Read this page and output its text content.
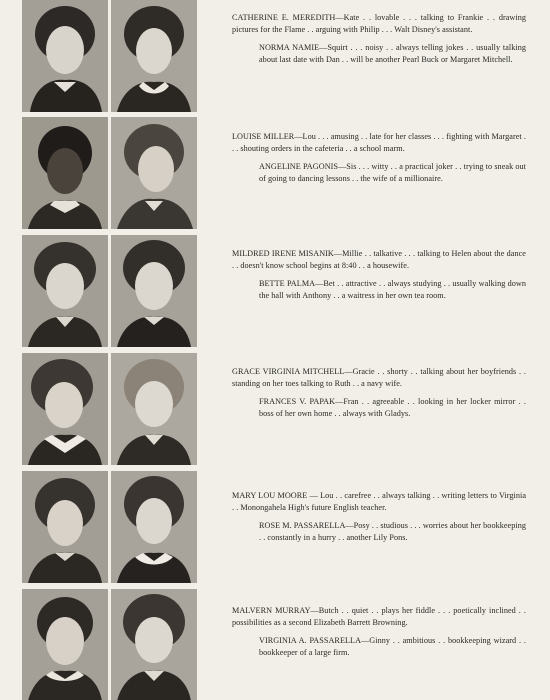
CATHERINE E. MEREDITH—Kate . . lovable . . . talking to Frankie . . drawing pictures for the Flame . . arguing with Philip . . . Walt Disney's assistant.

NORMA NAMIE—Squirt . . . noisy . . always telling jokes . . usually talking about last date with Dan . . will be another Pearl Buck or Margaret Mitchell.

LOUISE MILLER—Lou . . . amusing . . late for her classes . . . fighting with Margaret . . . shouting orders in the cafeteria . . a school marm.

ANGELINE PAGONIS—Sis . . . witty . . a practical joker . . trying to sneak out of going to dancing lessons . . the wife of a millionaire.

MILDRED IRENE MISANIK—Millie . . talkative . . . talking to Helen about the dance . . doesn't know school begins at 8:40 . . a housewife.

BETTE PALMA—Bet . . attractive . . always studying . . usually walking down the hall with Anthony . . a waitress in her own tea room.

GRACE VIRGINIA MITCHELL—Gracie . . shorty . . talking about her boyfriends . . standing on her toes talking to Ruth . . a navy wife.

FRANCES V. PAPAK—Fran . . agreeable . . looking in her locker mirror . . boss of her own home . . always with Gladys.

MARY LOU MOORE — Lou . . carefree . . always talking . . writing letters to Virginia . . Monongahela High's future English teacher.

ROSE M. PASSARELLA—Posy . . studious . . . worries about her bookkeeping . . constantly in a hurry . . another Lily Pons.

MALVERN MURRAY—Butch . . quiet . . plays her fiddle . . . poetically inclined . . possibilities as a second Elizabeth Barrett Browning.

VIRGINIA A. PASSARELLA—Ginny . . ambitious . . bookkeeping wizard . . bookkeeper of a large firm.
